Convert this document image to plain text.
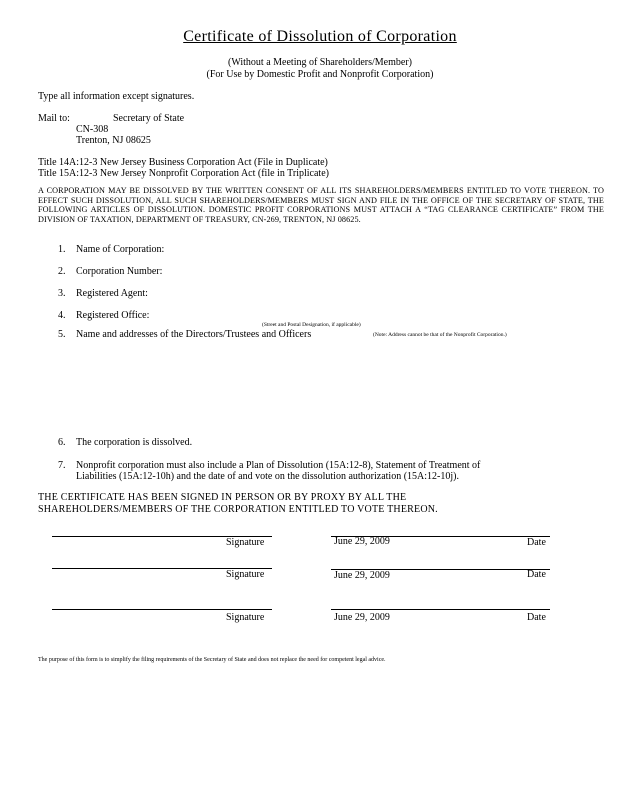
Certificate of Dissolution of Corporation
(Without a Meeting of Shareholders/Member)
(For Use by Domestic Profit and Nonprofit Corporation)
Type all information except signatures.
Mail to:	Secretary of State
CN-308
Trenton, NJ 08625
Title 14A:12-3 New Jersey Business Corporation Act (File in Duplicate)
Title 15A:12-3 New Jersey Nonprofit Corporation Act (file in Triplicate)
A CORPORATION MAY BE DISSOLVED BY THE WRITTEN CONSENT OF ALL ITS SHAREHOLDERS/MEMBERS ENTITLED TO VOTE THEREON. TO EFFECT SUCH DISSOLUTION, ALL SUCH SHAREHOLDERS/MEMBERS MUST SIGN AND FILE IN THE OFFICE OF THE SECRETARY OF STATE, THE FOLLOWING ARTICLES OF DISSOLUTION. DOMESTIC PROFIT CORPORATIONS MUST ATTACH A “TAG CLEARANCE CERTIFICATE” FROM THE DIVISION OF TAXATION, DEPARTMENT OF TREASURY, CN-269, TRENTON, NJ 08625.
1. Name of Corporation:
2. Corporation Number:
3. Registered Agent:
4. Registered Office:
(Street and Postal Designation, if applicable)
5. Name and addresses of the Directors/Trustees and Officers	(Note: Address cannot be that of the Nonprofit Corporation.)
6. The corporation is dissolved.
7. Nonprofit corporation must also include a Plan of Dissolution (15A:12-8), Statement of Treatment of
Liabilities (15A:12-10h) and the date of and vote on the dissolution authorization (15A:12-10j).
THE CERTIFICATE HAS BEEN SIGNED IN PERSON OR BY PROXY BY ALL THE
SHAREHOLDERS/MEMBERS OF THE CORPORATION ENTITLED TO VOTE THEREON.
Signature	June 29, 2009	Date
Signature	June 29, 2009	Date
Signature	June 29, 2009	Date
The purpose of this form is to simplify the filing requirements of the Secretary of State and does not replace the need for competent legal advice.
